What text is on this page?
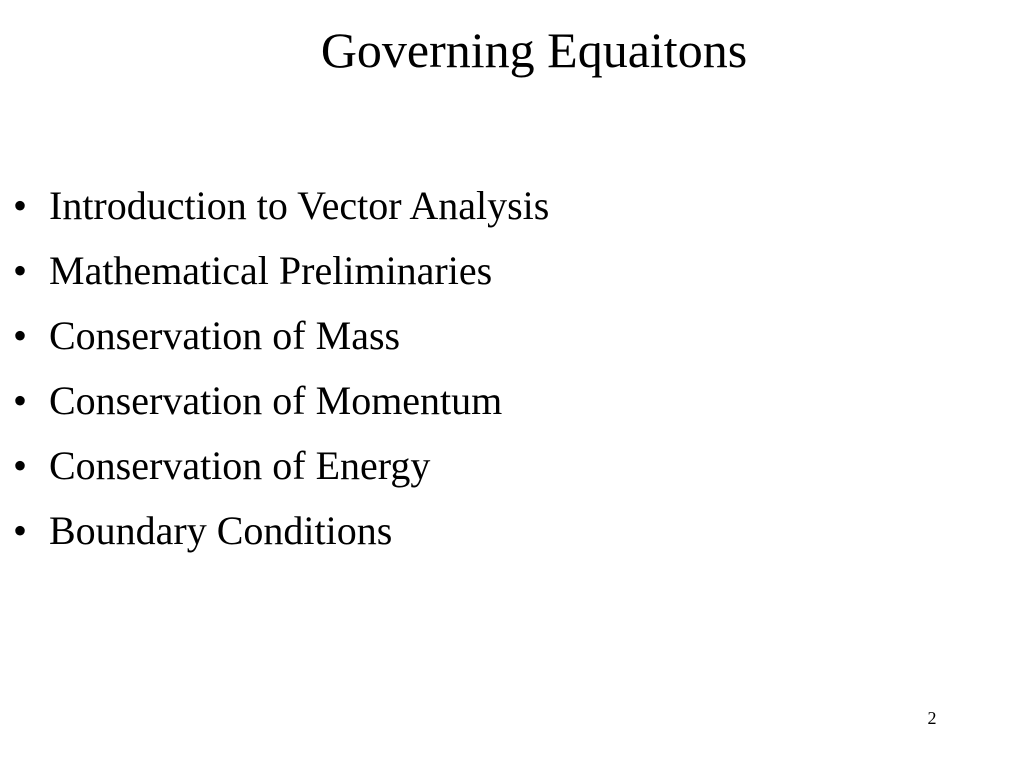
Governing Equaitons
• Introduction to Vector Analysis
• Mathematical Preliminaries
• Conservation of Mass
• Conservation of Momentum
• Conservation of Energy
• Boundary Conditions
2
